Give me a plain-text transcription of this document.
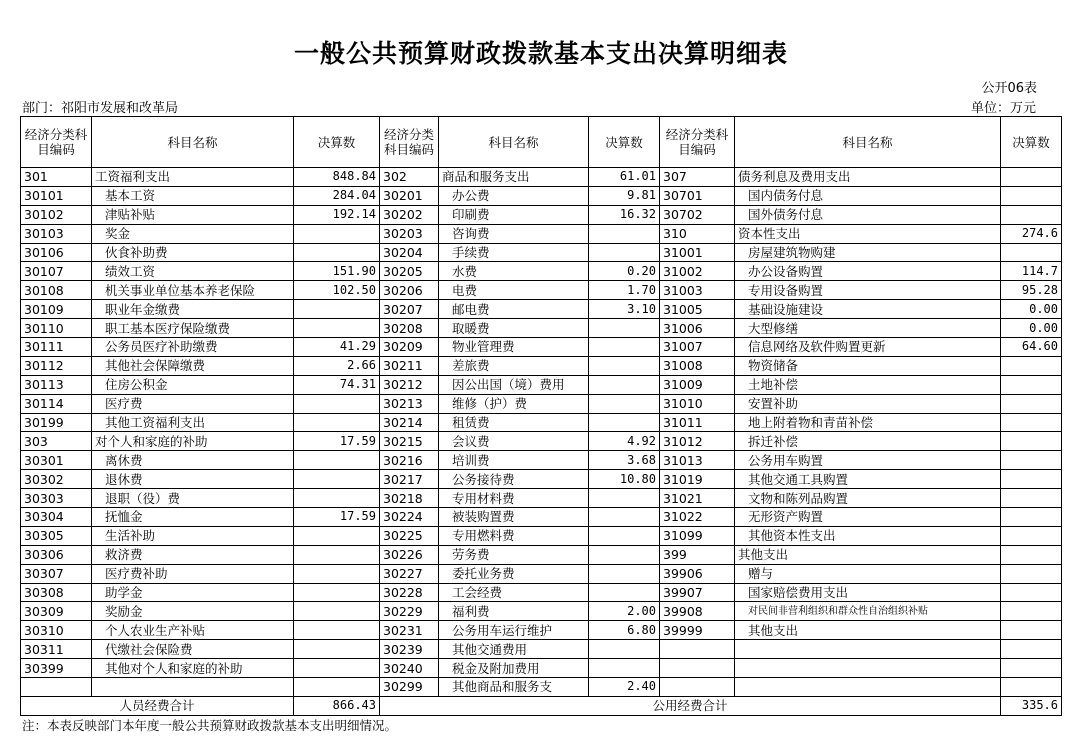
一般公共预算财政拨款基本支出决算明细表
公开06表
部门：祁阳市发展和改革局	单位：万元
经济分类科目编码	科目名称	决算数	经济分类科目编码	科目名称	决算数	经济分类科目编码	科目名称	决算数
301	工资福利支出	848.84	302	商品和服务支出	61.01	307	债务利息及费用支出	
30101	基本工资	284.04	30201	办公费	9.81	30701	国内债务付息	
30102	津贴补贴	192.14	30202	印刷费	16.32	30702	国外债务付息	
30103	奖金		30203	咨询费		310	资本性支出	274.6
30106	伙食补助费		30204	手续费		31001	房屋建筑物购建	
30107	绩效工资	151.90	30205	水费	0.20	31002	办公设备购置	114.7
30108	机关事业单位基本养老保险	102.50	30206	电费	1.70	31003	专用设备购置	95.28
30109	职业年金缴费		30207	邮电费	3.10	31005	基础设施建设	0.00
30110	职工基本医疗保险缴费		30208	取暖费		31006	大型修缮	0.00
30111	公务员医疗补助缴费	41.29	30209	物业管理费		31007	信息网络及软件购置更新	64.60
30112	其他社会保障缴费	2.66	30211	差旅费		31008	物资储备	
30113	住房公积金	74.31	30212	因公出国（境）费用		31009	土地补偿	
30114	医疗费		30213	维修（护）费		31010	安置补助	
30199	其他工资福利支出		30214	租赁费		31011	地上附着物和青苗补偿	
303	对个人和家庭的补助	17.59	30215	会议费	4.92	31012	拆迁补偿	
30301	离休费		30216	培训费	3.68	31013	公务用车购置	
30302	退休费		30217	公务接待费	10.80	31019	其他交通工具购置	
30303	退职（役）费		30218	专用材料费		31021	文物和陈列品购置	
30304	抚恤金	17.59	30224	被装购置费		31022	无形资产购置	
30305	生活补助		30225	专用燃料费		31099	其他资本性支出	
30306	救济费		30226	劳务费		399	其他支出	
30307	医疗费补助		30227	委托业务费		39906	赠与	
30308	助学金		30228	工会经费		39907	国家赔偿费用支出	
30309	奖励金		30229	福利费	2.00	39908	对民间非营利组织和群众性自治组织补贴	
30310	个人农业生产补贴		30231	公务用车运行维护	6.80	39999	其他支出	
30311	代缴社会保险费		30239	其他交通费用				
30399	其他对个人和家庭的补助		30240	税金及附加费用				
			30299	其他商品和服务支	2.40			
人员经费合计		866.43	公用经费合计					335.6
注：本表反映部门本年度一般公共预算财政拨款基本支出明细情况。
